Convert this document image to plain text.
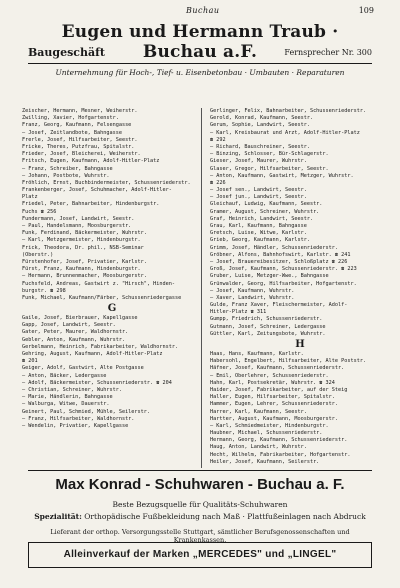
Buchau	109
Eugen und Hermann Traub · Buchau a.F.
Baugeschäft	Fernsprecher Nr. 300
Unternehmung für Hoch-, Tief- u. Eisenbetonbau · Umbauten · Reparaturen
Zeischer, Hermann, Mesner, Weiherstr.
Zwilling, Xavier, Hofgartenstr.
Franz, Georg, Kaufmann, Felsengasse
— Josef, Zeitlandbote, Bahngasse
Frerle, Josef, Hilfsarbeiter, Seestr.
Fricke, Theres, Putzfrau, Spitalstr.
Frieder, Josef, Bleicherei, Weiherstr.
Fritsch, Eugen, Kaufmann, Adolf-Hitler-Platz
— Franz, Schreiber, Bahngasse
— Johann, Postbote, Wuhrstr.
Fröhlich, Ernst, Buchbindermeister, Schussenriederstr.
Frankenberger, Josef, Schuhmacher, Adolf-Hitler-
Platz
Friedel, Peter, Bahnarbeiter, Hindenburgstr.
Fuchs ☎ 256
Fundermann, Josef, Landwirt, Seestr.
— Paul, Handelsmann, Moosburgerstr.
Funk, Ferdinand, Bäckermeister, Wuhrstr.
— Karl, Metzgermeister, Hindenburgstr.
Frick, Theodora, Dr. phil., NSB-Seminar
(Oberstr.)
Fürstenhofer, Josef, Privatier, Karlstr.
Fürst, Franz, Kaufmann, Hindenburgstr.
— Hermann, Brunnenmacher, Moosburgerstr.
Fuchsfeld, Andreas, Gastwirt z. "Hirsch", Hinden-
burgstr. ☎ 298
Funk, Michael, Kaufmann/Färber, Schussenriedergasse
G
Gaile, Josef, Bierbrauer, Kapellgasse
Gapp, Josef, Landwirt, Seestr.
Gater, Peter, Maurer, Waldhornstr.
Gebler, Anton, Kaufmann, Wuhrstr.
Gerbelmann, Heinrich, Fabrikarbeiter, Waldhornstr.
Gehring, August, Kaufmann, Adolf-Hitler-Platz
☎ 201
Geiger, Adolf, Gastwirt, Alte Postgasse
— Anton, Bäcker, Ledergasse
— Adolf, Bäckermeister, Schussenriederstr. ☎ 204
— Christian, Schreiner, Wuhrstr.
— Marie, Händlerin, Bahngasse
— Walburga, Witwe, Dauerstr.
Geinert, Paul, Schmied, Mühle, Seilerstr.
— Franz, Hilfsarbeiter, Waldhornstr.
— Wendelin, Privatier, Kapellgasse
Gerlinger, Felix, Bahnarbeiter, Schussenriederstr.
Gerold, Konrad, Kaufmann, Seestr.
Gerum, Sophie, Landwirt, Seestr.
— Karl, Kreisbaurat und Arzt, Adolf-Hitler-Platz
☎ 292
— Richard, Bauschreiner, Seestr.
— Binzing, Schlosser, Bür-Schlagerstr.
Gieser, Josef, Maurer, Wuhrstr.
Glaser, Gregor, Hilfsarbeiter, Seestr.
— Anton, Kaufmann, Gastwirt, Metzger, Wuhrstr.
☎ 226
— Josef sen., Landwirt, Seestr.
— Josef jun., Landwirt, Seestr.
Gleichauf, Ludwig, Kaufmann, Seestr.
Gramer, August, Schreiner, Wuhrstr.
Graf, Heinrich, Landwirt, Seestr.
Grau, Karl, Kaufmann, Bahngasse
Gretsch, Luise, Witwe, Karlstr.
Grieb, Georg, Kaufmann, Karlstr.
Grimm, Josef, Händler, Schussenriederstr.
Gröbner, Alfons, Bahnhofswirt, Karlstr. ☎ 241
— Josef, Brauereibesitzer, Schloßplatz ☎ 226
Groß, Josef, Kaufmann, Schussenriederstr. ☎ 223
Gruber, Luise, Metzger-Wwe., Bahngasse
Grünwalder, Georg, Hilfsarbeiter, Hofgartenstr.
— Josef, Kaufmann, Wuhrstr.
— Xaver, Landwirt, Wuhrstr.
Gulde, Franz Xaver, Fleischermeister, Adolf-
Hitler-Platz ☎ 311
Gumpp, Friedrich, Schussenriederstr.
Gutmann, Josef, Schreiner, Ledergasse
Güttler, Karl, Zeitungsbote, Wuhrstr.
H
Haas, Hans, Kaufmann, Karlstr.
Habersohl, Engelbert, Hilfsarbeiter, Alte Poststr.
Häfner, Josef, Kaufmann, Schussenriederstr.
— Emil, Oberlehrer, Schussenriederstr.
Hahn, Karl, Postsekretär, Wuhrstr. ☎ 324
Haider, Josef, Fabrikarbeiter, auf der Steig
Haller, Eugen, Hilfsarbeiter, Spitalstr.
Hammer, Eugen, Lehrer, Schussenriederstr.
Harrer, Karl, Kaufmann, Seestr.
Hartter, August, Kaufmann, Moosburgerstr.
— Karl, Schmiedmeister, Hindenburgstr.
Haubner, Michael, Schussenriederstr.
Hermann, Georg, Kaufmann, Schussenriederstr.
Haug, Anton, Landwirt, Wuhrstr.
Hecht, Wilhelm, Fabrikarbeiter, Hofgartenstr.
Heiler, Josef, Kaufmann, Seilerstr.
Max Konrad - Schuhwaren - Buchau a. F.
Beste Bezugsquelle für Qualitäts-Schuhwaren
Spezialität: Orthopädische Fußbekleidung nach Maß · Plattfußeinlagen nach Abdruck
Lieferant der orthop. Versorgungsstelle Stuttgart, sämtlicher Berufsgenossenschaften und Krankenkassen.
Alleinverkauf der Marken „MERCEDES" und „LINGEL"
